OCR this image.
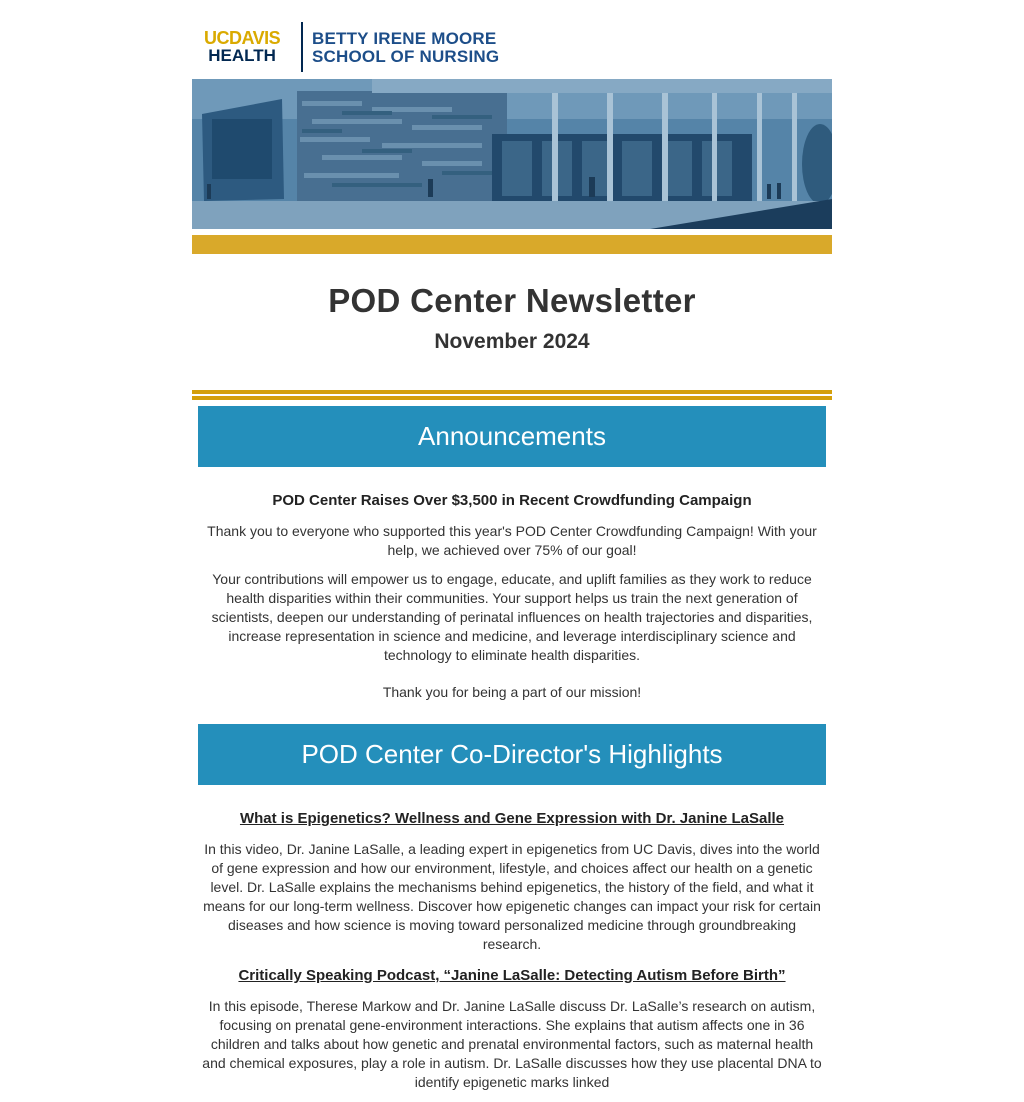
UCDAVIS
HEALTH
BETTY IRENE MOORE
SCHOOL OF NURSING
POD Center Newsletter
November 2024
Announcements
POD Center Raises Over $3,500 in Recent Crowdfunding Campaign

Thank you to everyone who supported this year's POD Center Crowdfunding Campaign! With your help, we achieved over 75% of our goal!

Your contributions will empower us to engage, educate, and uplift families as they work to reduce health disparities within their communities. Your support helps us train the next generation of scientists, deepen our understanding of perinatal influences on health trajectories and disparities, increase representation in science and medicine, and leverage interdisciplinary science and technology to eliminate health disparities.

Thank you for being a part of our mission!

POD Center Co-Director's Highlights
What is Epigenetics? Wellness and Gene Expression with Dr. Janine LaSalle

In this video, Dr. Janine LaSalle, a leading expert in epigenetics from UC Davis, dives into the world of gene expression and how our environment, lifestyle, and choices affect our health on a genetic level. Dr. LaSalle explains the mechanisms behind epigenetics, the history of the field, and what it means for our long-term wellness. Discover how epigenetic changes can impact your risk for certain diseases and how science is moving toward personalized medicine through groundbreaking research.

Critically Speaking Podcast, “Janine LaSalle: Detecting Autism Before Birth”

In this episode, Therese Markow and Dr. Janine LaSalle discuss Dr. LaSalle’s research on autism, focusing on prenatal gene-environment interactions. She explains that autism affects one in 36 children and talks about how genetic and prenatal environmental factors, such as maternal health and chemical exposures, play a role in autism. Dr. LaSalle discusses how they use placental DNA to identify epigenetic marks linked
